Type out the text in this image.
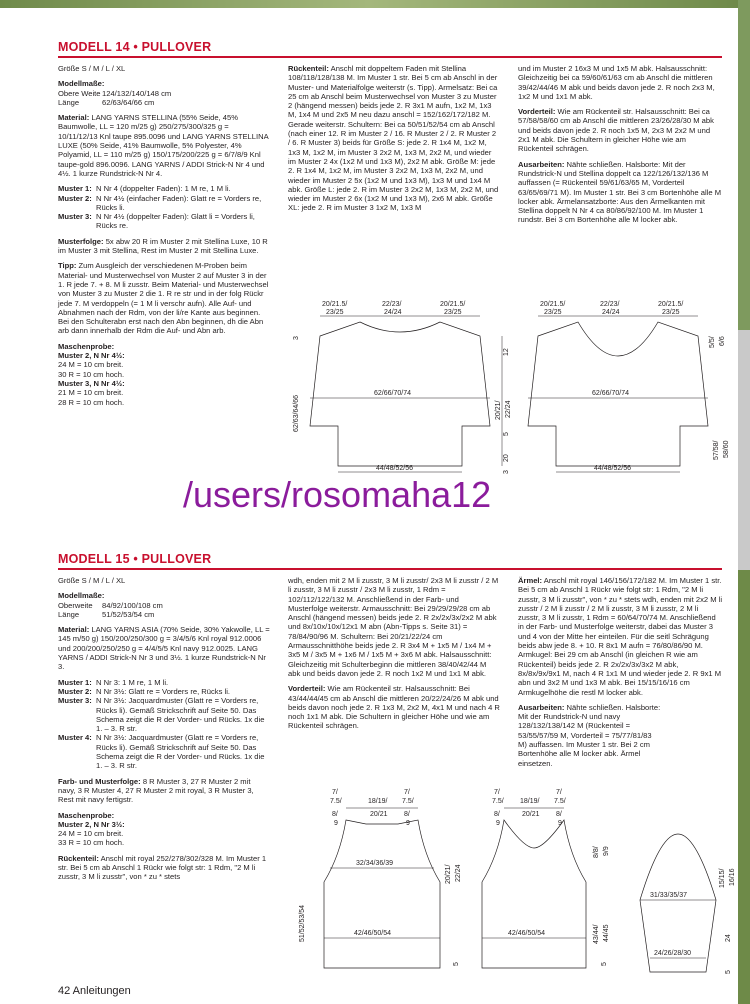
MODELL 14 • PULLOVER

Größe S / M / L / XL

Modellmaße:
Obere Weite 124/132/140/148 cm
Länge	62/63/64/66 cm

Material: LANG YARNS STELLINA (55% Seide, 45% Baumwolle, LL = 120 m/25 g) 250/275/300/325 g = 10/11/12/13 Knl taupe 895.0096 und LANG YARNS STELLINA LUXE (50% Seide, 41% Baumwolle, 5% Polyester, 4% Polyamid, LL = 110 m/25 g) 150/175/200/225 g = 6/7/8/9 Knl taupe-gold 896.0096. LANG YARNS / ADDI Strick-N Nr 4 und 4½. 1 kurze Rundstrick-N Nr 4.

Muster 1: N Nr 4 (doppelter Faden): 1 M re, 1 M li.
Muster 2: N Nr 4½ (einfacher Faden): Glatt re = Vorders re, Rücks li.
Muster 3: N Nr 4½ (doppelter Faden): Glatt li = Vorders li, Rücks re.

Musterfolge: 5x abw 20 R im Muster 2 mit Stellina Luxe, 10 R im Muster 3 mit Stellina, Rest im Muster 2 mit Stellina Luxe.

Tipp: Zum Ausgleich der verschiedenen M-Proben beim Material- und Musterwechsel von Muster 2 auf Muster 3 in der 1. R jede 7. + 8. M li zusstr. Beim Material- und Musterwechsel von Muster 3 zu Muster 2 die 1. R re str und in der folg Rückr jede 7. M verdoppeln (= 1 M li verschr aufn). Alle Auf- und Abnahmen nach der Rdm, von der li/re Kante aus beginnen. Bei den Schulterabn erst nach den Abn beginnen, dh die Abn arb dann innerhalb der Rdm die Auf- und Abn arb.

Maschenprobe:
Muster 2, N Nr 4½:
24 M = 10 cm breit.
30 R = 10 cm hoch.
Muster 3, N Nr 4½:
21 M = 10 cm breit.
28 R = 10 cm hoch.

Rückenteil: Anschl mit doppeltem Faden mit Stellina 108/118/128/138 M. Im Muster 1 str. Bei 5 cm ab Anschl in der Muster- und Materialfolge weiterstr (s. Tipp). Armelsatz: Bei ca 25 cm ab Anschl beim Musterwechsel von Muster 3 zu Muster 2 (hängend messen) beids jede 2. R 3x1 M aufn, 1x2 M, 1x3 M, 1x4 M und 2x5 M neu dazu anschl = 152/162/172/182 M. Gerade weiterstr. Schultern: Bei ca 50/51/52/54 cm ab Anschl (nach einer 12. R im Muster 2 / 16. R Muster 2 / 2. R Muster 2 / 6. R Muster 3) beids für Größe S: jede 2. R 1x4 M, 1x2 M, 1x3 M, 1x2 M, im Muster 3 2x2 M, 1x3 M, 2x2 M, und wieder im Muster 2 4x (1x2 M und 1x3 M), 2x2 M abk. Größe M: jede 2. R 1x4 M, 1x2 M, im Muster 3 2x2 M, 1x3 M, 2x2 M, und wieder im Muster 2 5x (1x2 M und 1x3 M), 1x3 M und 1x4 M abk. Größe L: jede 2. R im Muster 3 2x2 M, 1x3 M, 2x2 M, und wieder im Muster 2 6x (1x2 M und 1x3 M), 2x6 M abk. Größe XL: jede 2. R im Muster 3 1x2 M, 1x3 M

und im Muster 2 16x3 M und 1x5 M abk. Halsausschnitt: Gleichzeitig bei ca 59/60/61/63 cm ab Anschl die mittleren 39/42/44/46 M abk und beids davon jede 2. R noch 2x3 M, 1x2 M und 1x1 M abk.

Vorderteil: Wie am Rückenteil str. Halsausschnitt: Bei ca 57/58/58/60 cm ab Anschl die mittleren 23/26/28/30 M abk und beids davon jede 2. R noch 1x5 M, 2x3 M 2x2 M und 2x1 M abk. Die Schultern in gleicher Höhe wie am Rückenteil schrägen.

Ausarbeiten: Nähte schließen. Halsborte: Mit der Rundstrick-N und Stellina doppelt ca 122/126/132/136 M auffassen (= Rückenteil 59/61/63/65 M, Vorderteil 63/65/69/71 M). Im Muster 1 str. Bei 3 cm Bortenhöhe alle M locker abk. Ärmelansatzborte: Aus den Ärmelkanten mit Stellina doppelt N Nr 4 ca 80/86/92/100 M. Im Muster 1 rundstr. Bei 3 cm Bortenhöhe alle M locker abk.

20/21.5/
23/25
22/23/
24/24
20/21.5/
23/25
62/66/70/74
44/48/52/56
62/63/64/66
3
12
20/21/ 22/24
5
20
3
20/21.5/
23/25
22/23/
24/24
20/21.5/
23/25
5/5/ 6/6
62/66/70/74
44/48/52/56
57/58/ 58/60
/users/rosomaha12
MODELL 15 • PULLOVER

Größe S / M / L / XL

Modellmaße:
Oberweite	84/92/100/108 cm
Länge	51/52/53/54 cm

Material: LANG YARNS ASIA (70% Seide, 30% Yakwolle, LL = 145 m/50 g) 150/200/250/300 g = 3/4/5/6 Knl royal 912.0006 und 200/200/250/250 g = 4/4/5/5 Knl navy 912.0025. LANG YARNS / ADDI Strick-N Nr 3 und 3½. 1 kurze Rundstrick-N Nr 3.

Muster 1: N Nr 3: 1 M re, 1 M li.
Muster 2: N Nr 3½: Glatt re = Vorders re, Rücks li.
Muster 3: N Nr 3½: Jacquardmuster (Glatt re = Vorders re, Rücks li). Gemäß Strickschrift auf Seite 50. Das Schema zeigt die R der Vorder- und Rücks. 1x die 1. – 3. R str.
Muster 4: N Nr 3½: Jacquardmuster (Glatt re = Vorders re, Rücks li). Gemäß Strickschrift auf Seite 50. Das Schema zeigt die R der Vorder- und Rücks. 1x die 1. – 3. R str.

Farb- und Musterfolge: 8 R Muster 3, 27 R Muster 2 mit navy, 3 R Muster 4, 27 R Muster 2 mit royal, 3 R Muster 3, Rest mit navy fertigstr.

Maschenprobe:
Muster 2, N Nr 3½:
24 M = 10 cm breit.
33 R = 10 cm hoch.

Rückenteil: Anschl mit royal 252/278/302/328 M. Im Muster 1 str. Bei 5 cm ab Anschl 1 Rückr wie folgt str: 1 Rdm, "2 M li zusstr, 3 M li zusstr", von * zu * stets

wdh, enden mit 2 M li zusstr, 3 M li zusstr/ 2x3 M li zusstr / 2 M li zusstr, 3 M li zusstr / 2x3 M li zusstr, 1 Rdm = 102/112/122/132 M. Anschließend in der Farb- und Musterfolge weiterstr. Armausschnitt: Bei 29/29/29/28 cm ab Anschl (hängend messen) beids jede 2. R 2x/2x/3x/2x2 M abk und 8x/10x/10x/12x1 M abn (Abn-Tipps s. Seite 31) = 78/84/90/96 M. Schultern: Bei 20/21/22/24 cm Armausschnitthöhe beids jede 2. R 3x4 M + 1x5 M / 1x4 M + 3x5 M / 3x5 M + 1x6 M / 1x5 M + 3x6 M abk. Halsausschnitt: Gleichzeitig mit Schulterbeginn die mittleren 38/40/42/44 M abk und beids davon jede 2. R noch 1x2 M und 1x1 M abk.

Vorderteil: Wie am Rückenteil str. Halsausschnitt: Bei 43/44/44/45 cm ab Anschl die mittleren 20/22/24/26 M abk und beids davon noch jede 2. R 1x3 M, 2x2 M, 4x1 M und nach 4 R noch 1x1 M abk. Die Schultern in gleicher Höhe und wie am Rückenteil schrägen.

Ärmel: Anschl mit royal 146/156/172/182 M. Im Muster 1 str. Bei 5 cm ab Anschl 1 Rückr wie folgt str: 1 Rdm, "2 M li zusstr, 3 M li zusstr", von * zu * stets wdh, enden mit 2x2 M li zusstr / 2 M li zusstr / 2 M li zusstr, 3 M li zusstr, 2 M li zusstr, 3 M li zusstr, 1 Rdm = 60/64/70/74 M. Anschließend in der Farb- und Musterfolge weiterstr, dabei das Muster 3 und 4 von der Mitte her einteilen. Für die seitl Schrägung beids abw jede 8. + 10. R 8x1 M aufn = 76/80/86/90 M. Armkugel: Bei 29 cm ab Anschl (in gleichen R wie am Rückenteil) beids jede 2. R 2x/2x/3x/3x2 M abk, 8x/8x/9x/9x1 M, nach 4 R 1x1 M und wieder jede 2. R 9x1 M abn und 3x2 M und 1x3 M abk. Bei 15/15/16/16 cm Armkugelhöhe die restl M locker abk.

Ausarbeiten: Nähte schließen. Halsborte: Mit der Rundstrick-N und navy 128/132/138/142 M (Rückenteil = 53/55/57/59 M, Vorderteil = 75/77/81/83 M) auffassen. Im Muster 1 str. Bei 2 cm Bortenhöhe alle M locker abk. Ärmel einsetzen.

7/
7.5/
8/
9
18/19/
20/21
7/
7.5/
8/
9
32/34/36/39
42/46/50/54
51/52/53/54
20/21/ 22/24
5
7/
7.5/
8/
9
18/19/
20/21
7/
7.5/
8/
9
8/8/ 9/9
42/46/50/54	43/44/ 44/45
5
31/33/35/37
24/26/28/30
15/15/ 16/16
24
5
42 Anleitungen
